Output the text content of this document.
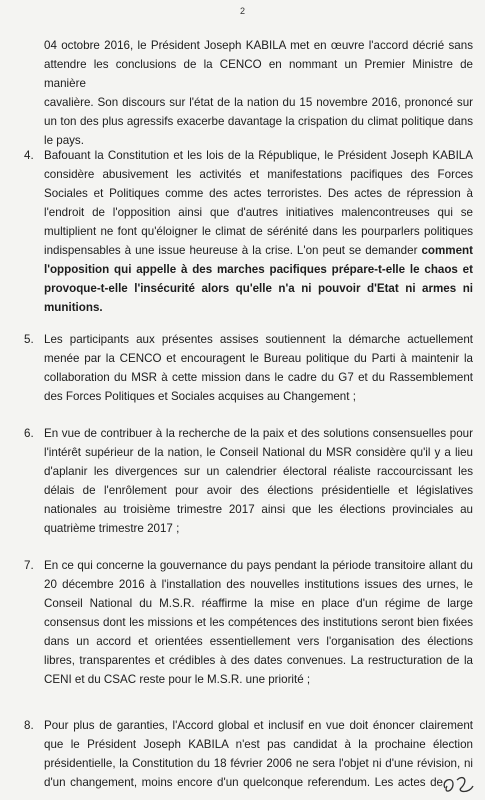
2
04 octobre 2016, le Président Joseph KABILA met en œuvre l'accord décrié sans
attendre les conclusions de la CENCO en nommant un Premier Ministre de manière
cavalière. Son discours sur l'état de la nation du 15 novembre 2016, prononcé sur
un ton des plus agressifs exacerbe davantage la crispation du climat politique dans
le pays.
4. Bafouant la Constitution et les lois de la République, le Président Joseph KABILA
considère abusivement les activités et manifestations pacifiques des Forces
Sociales et Politiques comme des actes terroristes. Des actes de répression à
l'endroit de l'opposition ainsi que d'autres initiatives malencontreuses qui se
multiplient ne font qu'éloigner le climat de sérénité dans les pourparlers politiques
indispensables à une issue heureuse à la crise. L'on peut se demander comment
l'opposition qui appelle à des marches pacifiques prépare-t-elle le chaos et
provoque-t-elle l'insécurité alors qu'elle n'a ni pouvoir d'Etat ni armes ni
munitions.
5. Les participants aux présentes assises soutiennent la démarche actuellement
menée par la CENCO et encouragent le Bureau politique du Parti à maintenir la
collaboration du MSR à cette mission dans le cadre du G7 et du Rassemblement
des Forces Politiques et Sociales acquises au Changement ;
6. En vue de contribuer à la recherche de la paix et des solutions consensuelles pour
l'intérêt supérieur de la nation, le Conseil National du MSR considère qu'il y a lieu
d'aplanir les divergences sur un calendrier électoral réaliste raccourcissant les
délais de l'enrôlement pour avoir des élections présidentielle et législatives
nationales au troisième trimestre 2017 ainsi que les élections provinciales au
quatrième trimestre 2017 ;
7. En ce qui concerne la gouvernance du pays pendant la période transitoire allant du
20 décembre 2016 à l'installation des nouvelles institutions issues des urnes, le
Conseil National du M.S.R. réaffirme la mise en place d'un régime de large
consensus dont les missions et les compétences des institutions seront bien fixées
dans un accord et orientées essentiellement vers l'organisation des élections
libres, transparentes et crédibles à des dates convenues. La restructuration de la
CENI et du CSAC reste pour le M.S.R. une priorité ;
8. Pour plus de garanties, l'Accord global et inclusif en vue doit énoncer clairement
que le Président Joseph KABILA n'est pas candidat à la prochaine élection
présidentielle, la Constitution du 18 février 2006 ne sera l'objet ni d'une révision, ni
d'un changement, moins encore d'un quelconque referendum. Les actes de
